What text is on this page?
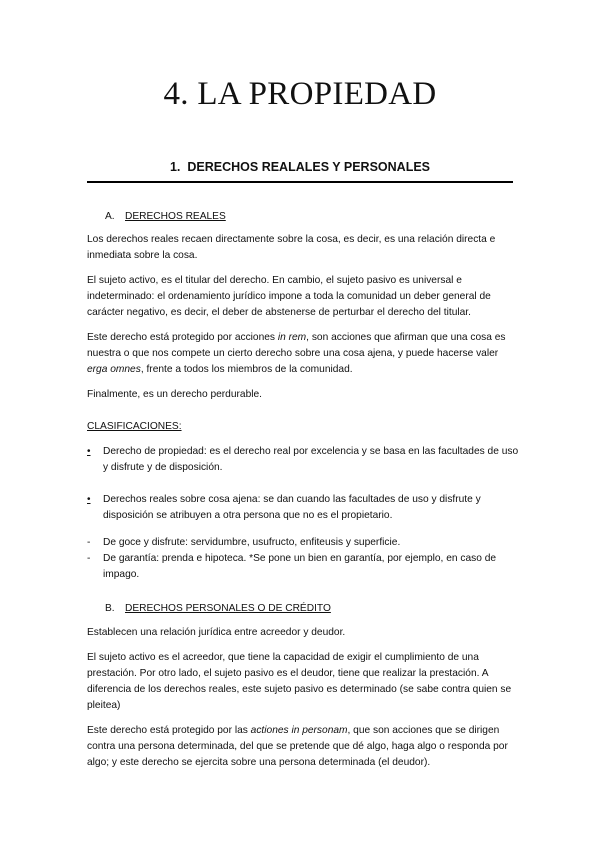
4. LA PROPIEDAD
1. DERECHOS REALALES Y PERSONALES
A. DERECHOS REALES

Los derechos reales recaen directamente sobre la cosa, es decir, es una relación directa e inmediata sobre la cosa.

El sujeto activo, es el titular del derecho. En cambio, el sujeto pasivo es universal e indeterminado: el ordenamiento jurídico impone a toda la comunidad un deber general de carácter negativo, es decir, el deber de abstenerse de perturbar el derecho del titular.

Este derecho está protegido por acciones in rem, son acciones que afirman que una cosa es nuestra o que nos compete un cierto derecho sobre una cosa ajena, y puede hacerse valer erga omnes, frente a todos los miembros de la comunidad.

Finalmente, es un derecho perdurable.

CLASIFICACIONES:
•	Derecho de propiedad: es el derecho real por excelencia y se basa en las facultades de uso y disfrute y de disposición.
•	Derechos reales sobre cosa ajena: se dan cuando las facultades de uso y disfrute y disposición se atribuyen a otra persona que no es el propietario.
-	De goce y disfrute: servidumbre, usufructo, enfiteusis y superficie.
-	De garantía: prenda e hipoteca. *Se pone un bien en garantía, por ejemplo, en caso de impago.
B. DERECHOS PERSONALES O DE CRÉDITO

Establecen una relación jurídica entre acreedor y deudor.

El sujeto activo es el acreedor, que tiene la capacidad de exigir el cumplimiento de una prestación. Por otro lado, el sujeto pasivo es el deudor, tiene que realizar la prestación. A diferencia de los derechos reales, este sujeto pasivo es determinado (se sabe contra quien se pleitea)

Este derecho está protegido por las actiones in personam, que son acciones que se dirigen contra una persona determinada, del que se pretende que dé algo, haga algo o responda por algo; y este derecho se ejercita sobre una persona determinada (el deudor).
